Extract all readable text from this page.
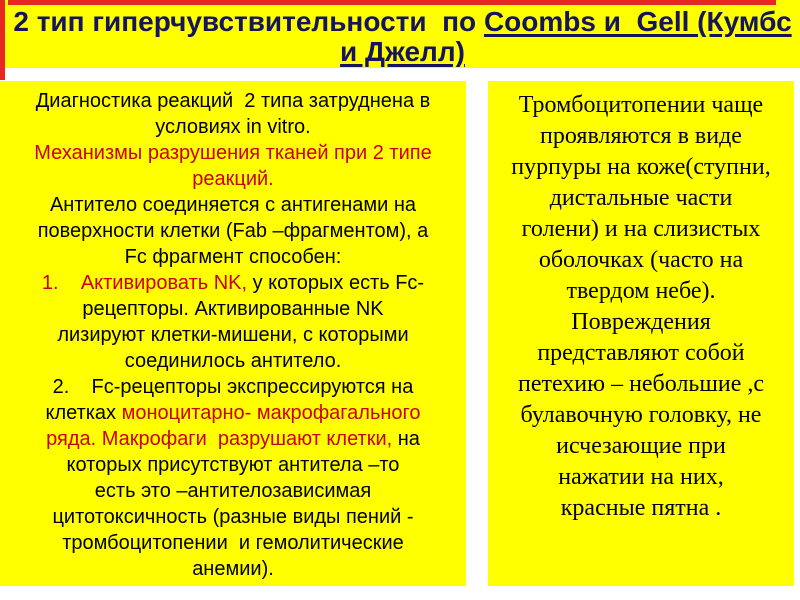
2 тип гиперчувствительности  по Coombs и  Gell (Кумбс
и Джелл)
Диагностика реакций  2 типа затруднена в
условиях in vitro.
Механизмы разрушения тканей при 2 типе
реакций.
Антитело соединяется с антигенами на
поверхности клетки (Fab –фрагментом), а
Fc фрагмент способен:
1.    Активировать NK, у которых есть Fc-
рецепторы. Активированные NK
лизируют клетки-мишени, с которыми
соединилось антитело.
2.    Fc-рецепторы экспрессируются на
клетках моноцитарно- макрофагального
ряда. Макрофаги  разрушают клетки, на
которых присутствуют антитела –то
есть это –антителозависимая
цитотоксичность (разные виды пений -
тромбоцитопении  и гемолитические
анемии).
Тромбоцитопении чаще
проявляются в виде
пурпуры на коже(ступни,
дистальные части
голени) и на слизистых
оболочках (часто на
твердом небе).
Повреждения
представляют собой
петехию – небольшие ,с
булавочную головку, не
исчезающие при
нажатии на них,
красные пятна .
